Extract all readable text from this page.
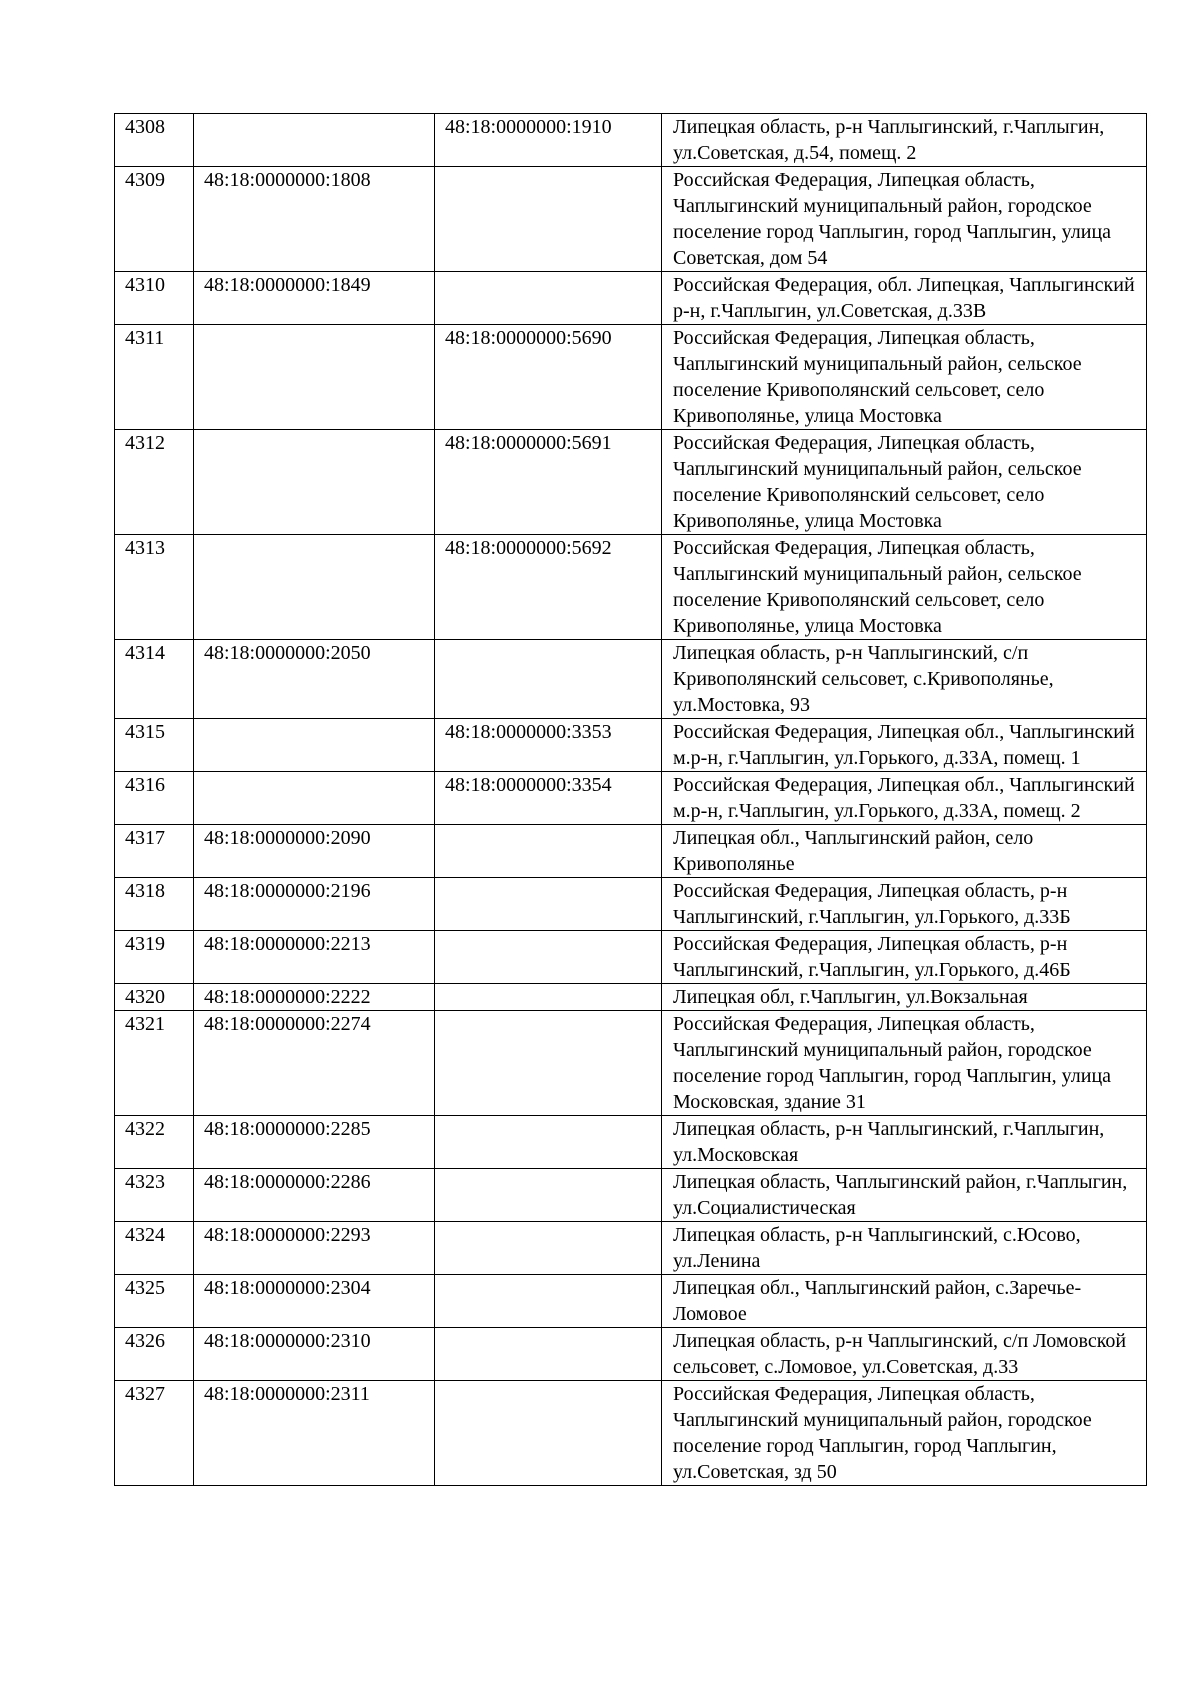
4308		48:18:0000000:1910	Липецкая область, р-н Чаплыгинский, г.Чаплыгин, ул.Советская, д.54, помещ. 2
4309	48:18:0000000:1808		Российская Федерация, Липецкая область, Чаплыгинский муниципальный район, городское поселение город Чаплыгин, город Чаплыгин, улица Советская, дом 54
4310	48:18:0000000:1849		Российская Федерация, обл. Липецкая, Чаплыгинский р-н, г.Чаплыгин, ул.Советская, д.33В
4311		48:18:0000000:5690	Российская Федерация, Липецкая область, Чаплыгинский муниципальный район, сельское поселение Кривополянский сельсовет, село Кривополянье, улица Мостовка
4312		48:18:0000000:5691	Российская Федерация, Липецкая область, Чаплыгинский муниципальный район, сельское поселение Кривополянский сельсовет, село Кривополянье, улица Мостовка
4313		48:18:0000000:5692	Российская Федерация, Липецкая область, Чаплыгинский муниципальный район, сельское поселение Кривополянский сельсовет, село Кривополянье, улица Мостовка
4314	48:18:0000000:2050		Липецкая область, р-н Чаплыгинский, с/п Кривополянский сельсовет, с.Кривополянье, ул.Мостовка, 93
4315		48:18:0000000:3353	Российская Федерация, Липецкая обл., Чаплыгинский м.р-н, г.Чаплыгин, ул.Горького, д.33А, помещ. 1
4316		48:18:0000000:3354	Российская Федерация, Липецкая обл., Чаплыгинский м.р-н, г.Чаплыгин, ул.Горького, д.33А, помещ. 2
4317	48:18:0000000:2090		Липецкая обл., Чаплыгинский район, село Кривополянье
4318	48:18:0000000:2196		Российская Федерация, Липецкая область, р-н Чаплыгинский, г.Чаплыгин, ул.Горького, д.33Б
4319	48:18:0000000:2213		Российская Федерация, Липецкая область, р-н Чаплыгинский, г.Чаплыгин, ул.Горького, д.46Б
4320	48:18:0000000:2222		Липецкая обл, г.Чаплыгин, ул.Вокзальная
4321	48:18:0000000:2274		Российская Федерация, Липецкая область, Чаплыгинский муниципальный район, городское поселение город Чаплыгин, город Чаплыгин, улица Московская, здание 31
4322	48:18:0000000:2285		Липецкая область, р-н Чаплыгинский, г.Чаплыгин, ул.Московская
4323	48:18:0000000:2286		Липецкая область, Чаплыгинский район, г.Чаплыгин, ул.Социалистическая
4324	48:18:0000000:2293		Липецкая область, р-н Чаплыгинский, с.Юсово, ул.Ленина
4325	48:18:0000000:2304		Липецкая обл., Чаплыгинский район, с.Заречье-Ломовое
4326	48:18:0000000:2310		Липецкая область, р-н Чаплыгинский, с/п Ломовской сельсовет, с.Ломовое, ул.Советская, д.33
4327	48:18:0000000:2311		Российская Федерация, Липецкая область, Чаплыгинский муниципальный район, городское поселение город Чаплыгин, город Чаплыгин, ул.Советская, зд 50
